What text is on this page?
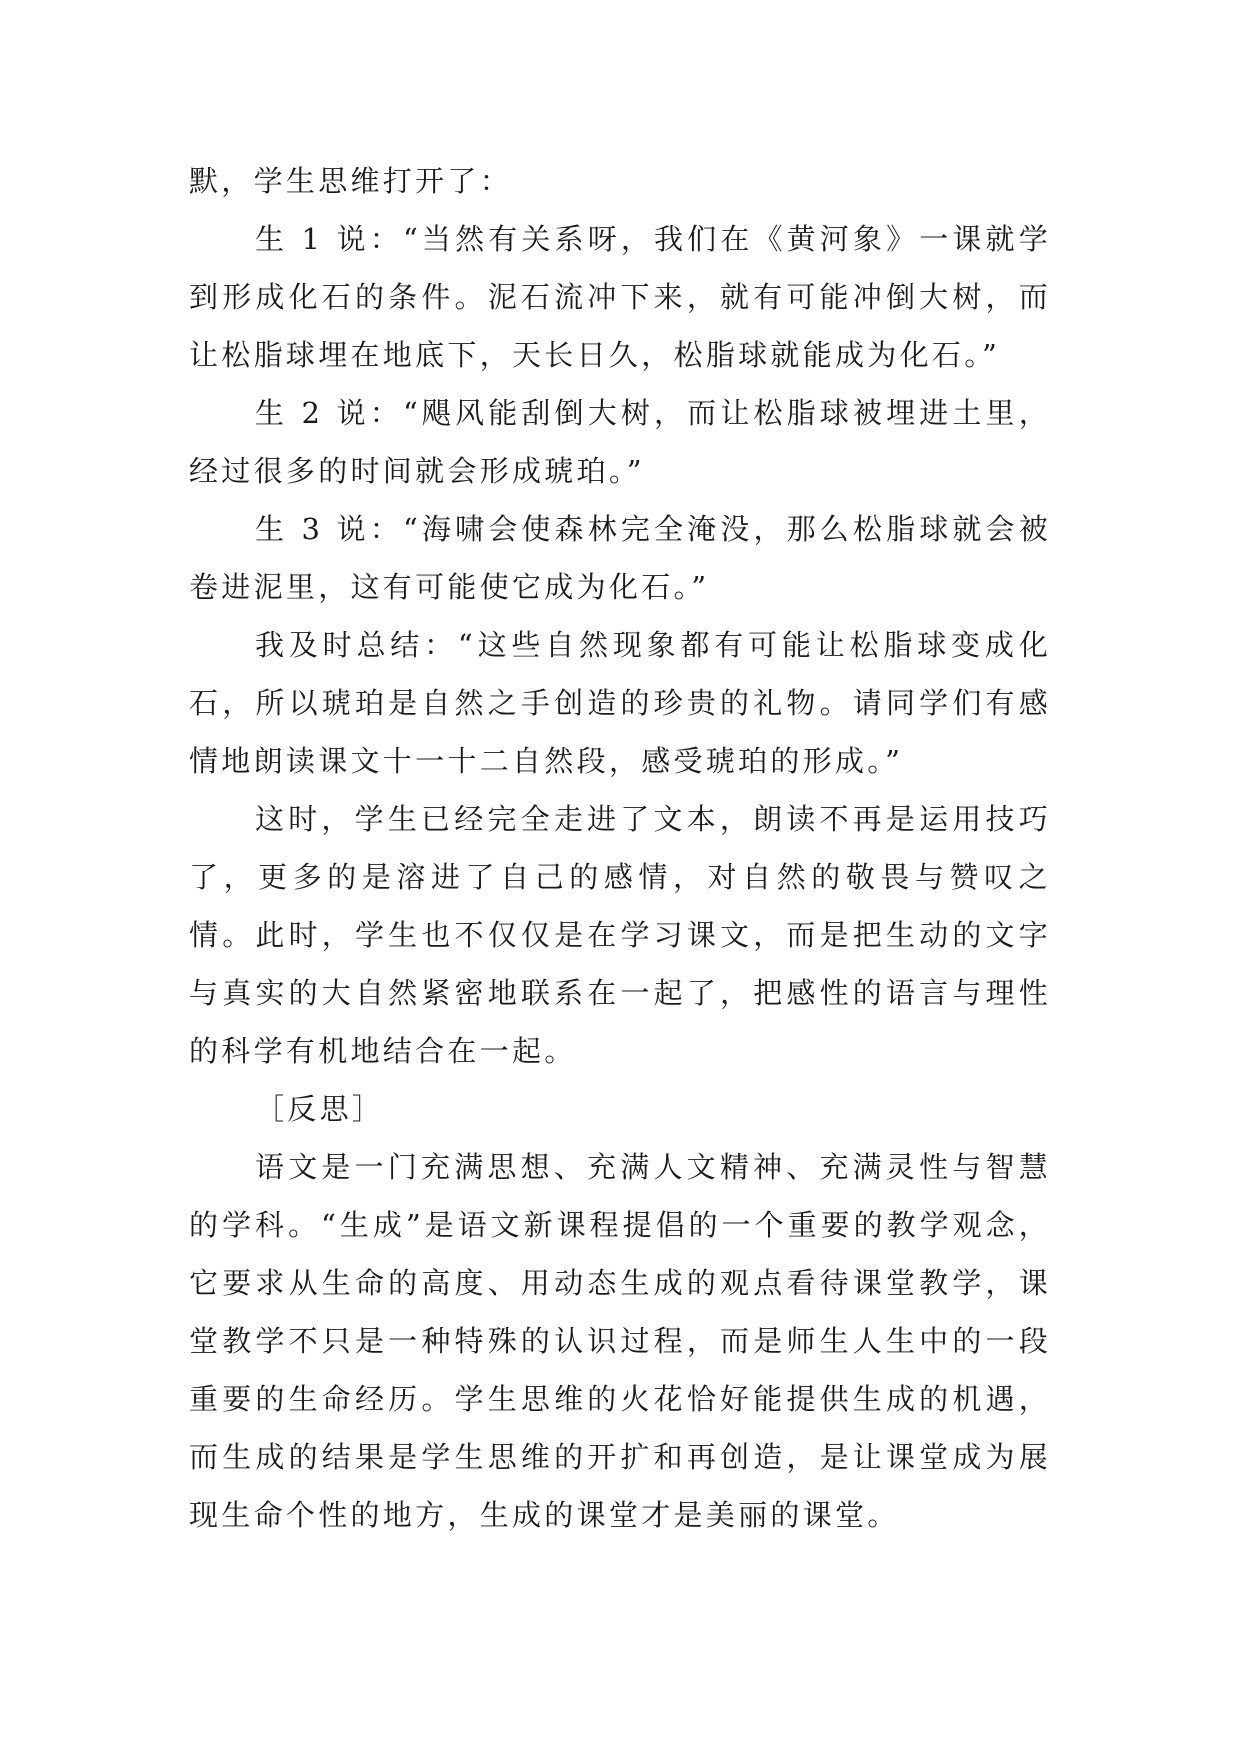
默，学生思维打开了：

生 1 说：“当然有关系呀，我们在《黄河象》一课就学到形成化石的条件。泥石流冲下来，就有可能冲倒大树，而让松脂球埋在地底下，天长日久，松脂球就能成为化石。”

生 2 说：“飓风能刮倒大树，而让松脂球被埋进土里，经过很多的时间就会形成琥珀。”

生 3 说：“海啸会使森林完全淹没，那么松脂球就会被卷进泥里，这有可能使它成为化石。”

我及时总结：“这些自然现象都有可能让松脂球变成化石，所以琥珀是自然之手创造的珍贵的礼物。请同学们有感情地朗读课文十一十二自然段，感受琥珀的形成。”

这时，学生已经完全走进了文本，朗读不再是运用技巧了，更多的是溶进了自己的感情，对自然的敬畏与赞叹之情。此时，学生也不仅仅是在学习课文，而是把生动的文字与真实的大自然紧密地联系在一起了，把感性的语言与理性的科学有机地结合在一起。

［反思］

语文是一门充满思想、充满人文精神、充满灵性与智慧的学科。“生成”是语文新课程提倡的一个重要的教学观念，它要求从生命的高度、用动态生成的观点看待课堂教学，课堂教学不只是一种特殊的认识过程，而是师生人生中的一段重要的生命经历。学生思维的火花恰好能提供生成的机遇，而生成的结果是学生思维的开扩和再创造，是让课堂成为展现生命个性的地方，生成的课堂才是美丽的课堂。
